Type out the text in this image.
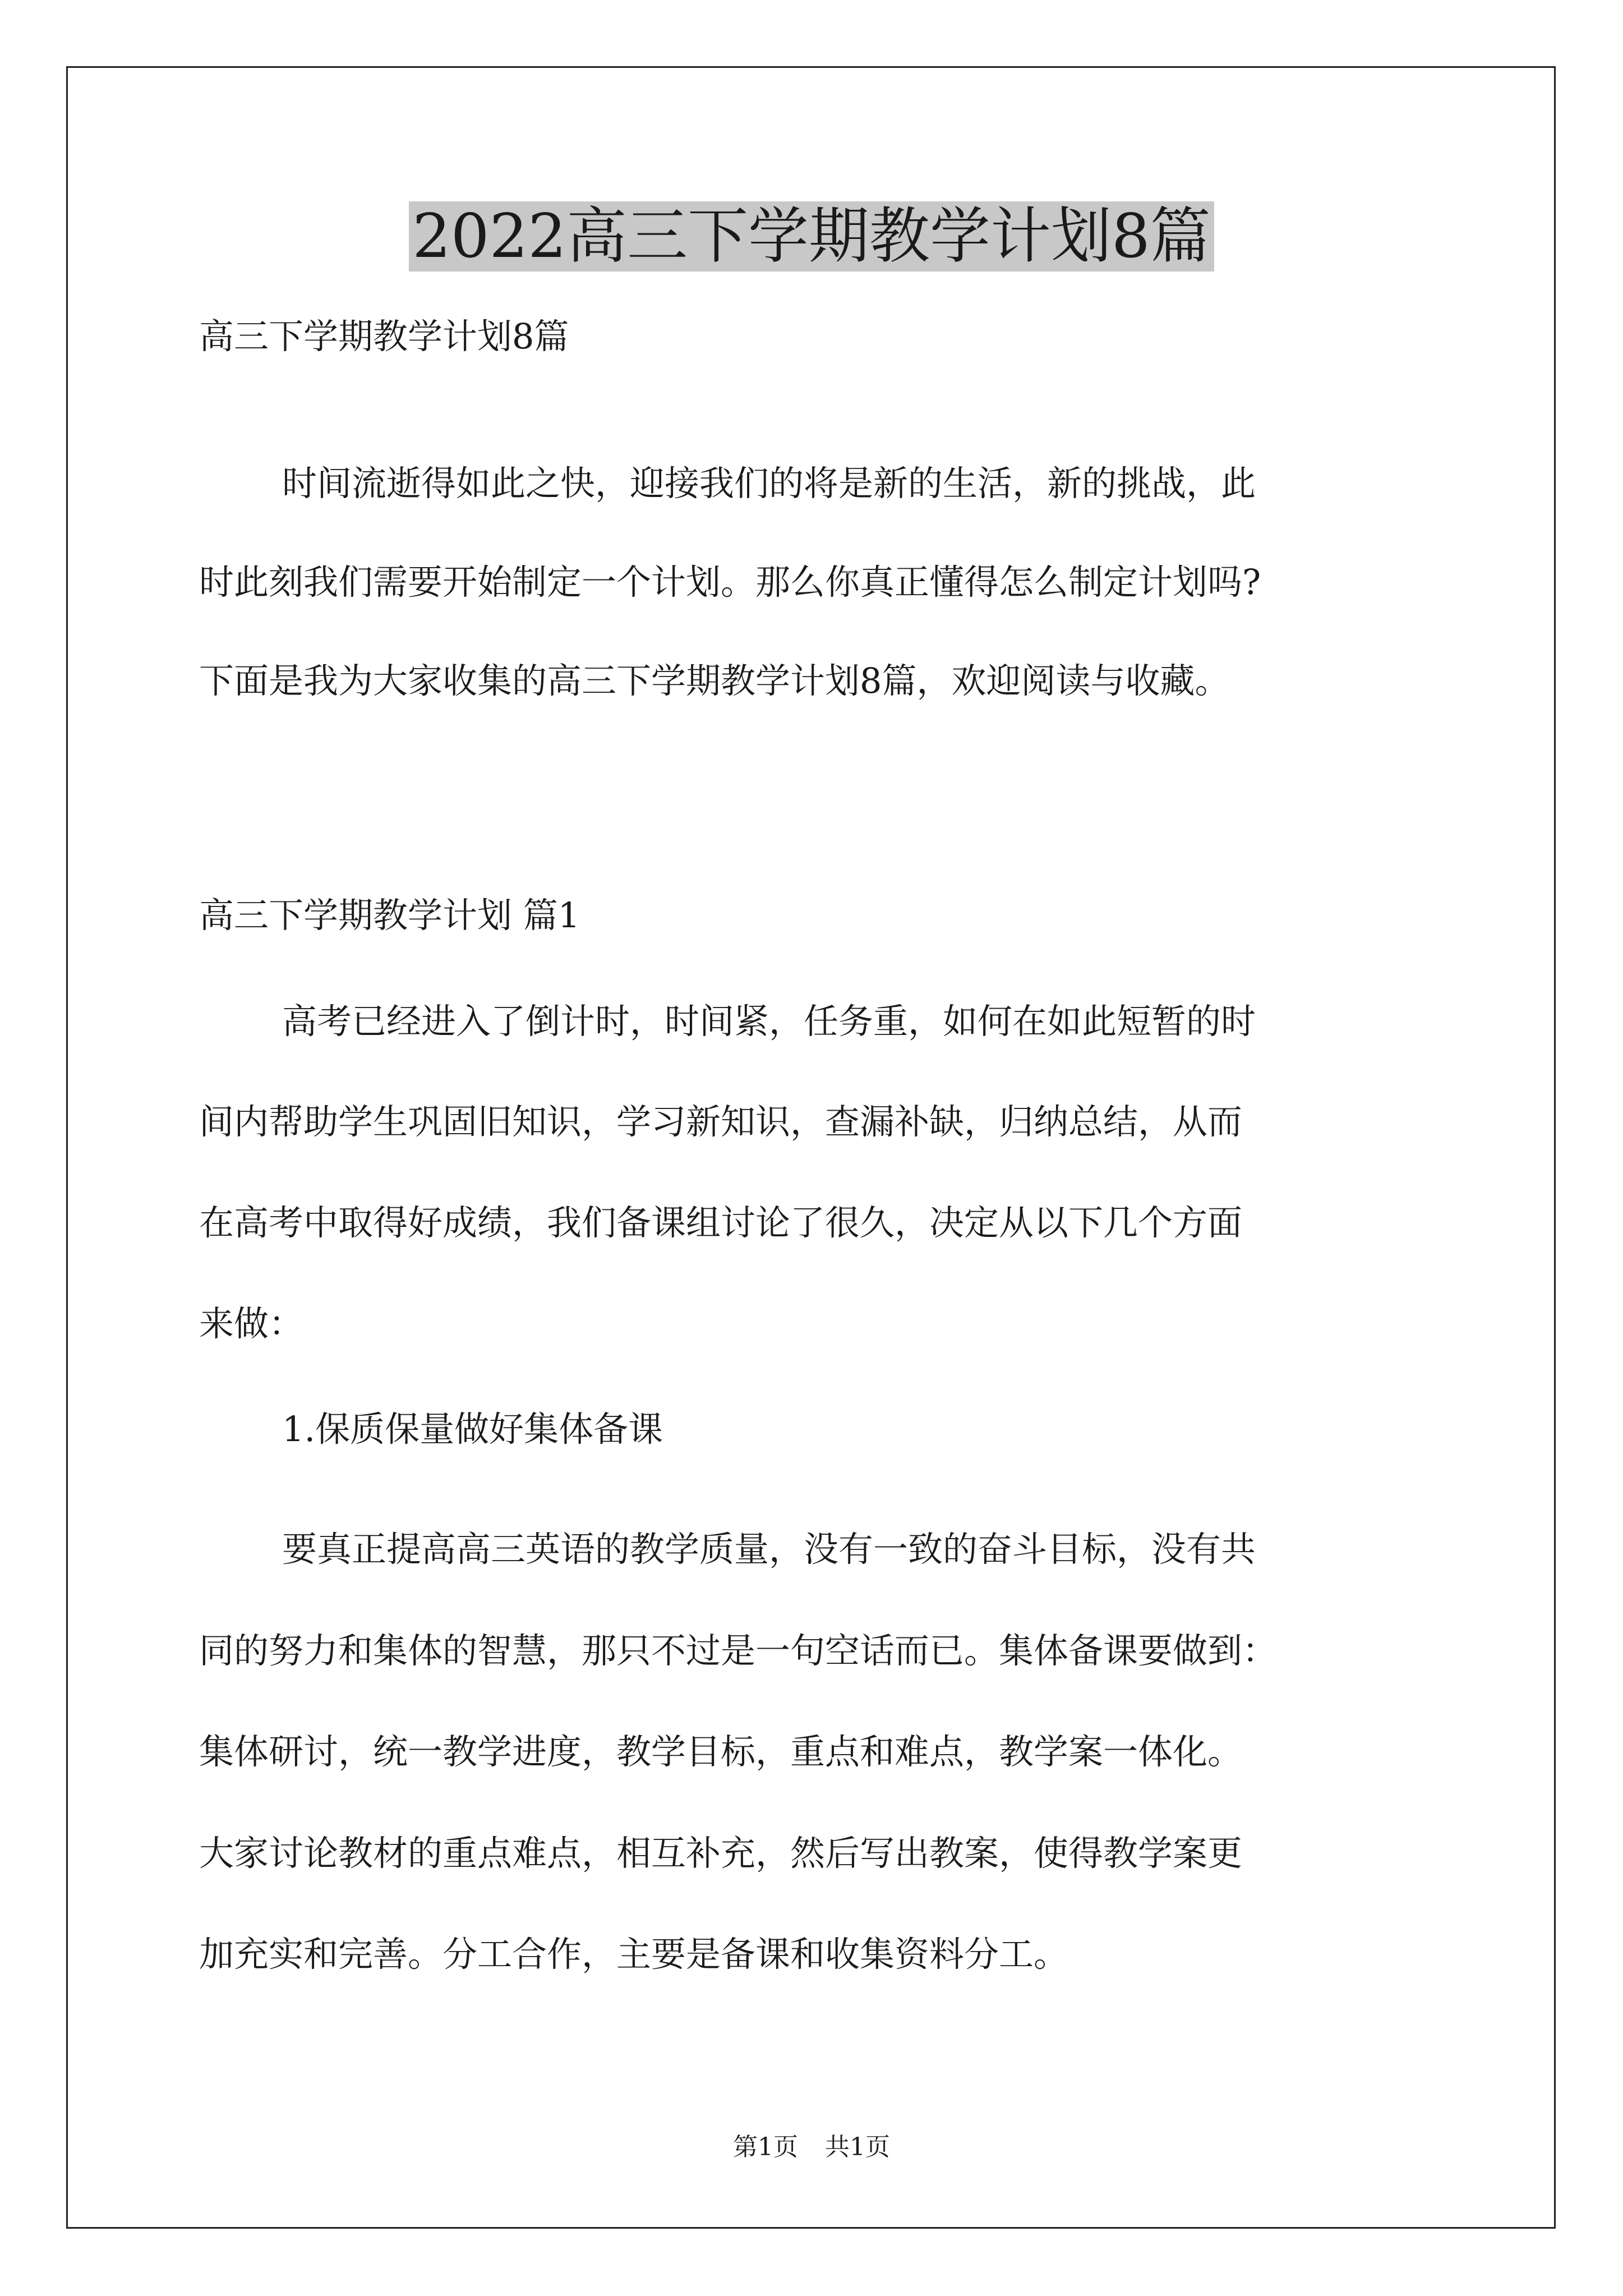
2022高三下学期教学计划8篇

高三下学期教学计划8篇

时间流逝得如此之快，迎接我们的将是新的生活，新的挑战，此

时此刻我们需要开始制定一个计划。那么你真正懂得怎么制定计划吗?

下面是我为大家收集的高三下学期教学计划8篇，欢迎阅读与收藏。

高三下学期教学计划 篇1

高考已经进入了倒计时，时间紧，任务重，如何在如此短暂的时

间内帮助学生巩固旧知识，学习新知识，查漏补缺，归纳总结，从而

在高考中取得好成绩，我们备课组讨论了很久，决定从以下几个方面

来做：

1.保质保量做好集体备课

要真正提高高三英语的教学质量，没有一致的奋斗目标，没有共

同的努力和集体的智慧，那只不过是一句空话而已。集体备课要做到：

集体研讨，统一教学进度，教学目标，重点和难点，教学案一体化。

大家讨论教材的重点难点，相互补充，然后写出教案，使得教学案更

加充实和完善。分工合作，主要是备课和收集资料分工。

第1页 共1页
